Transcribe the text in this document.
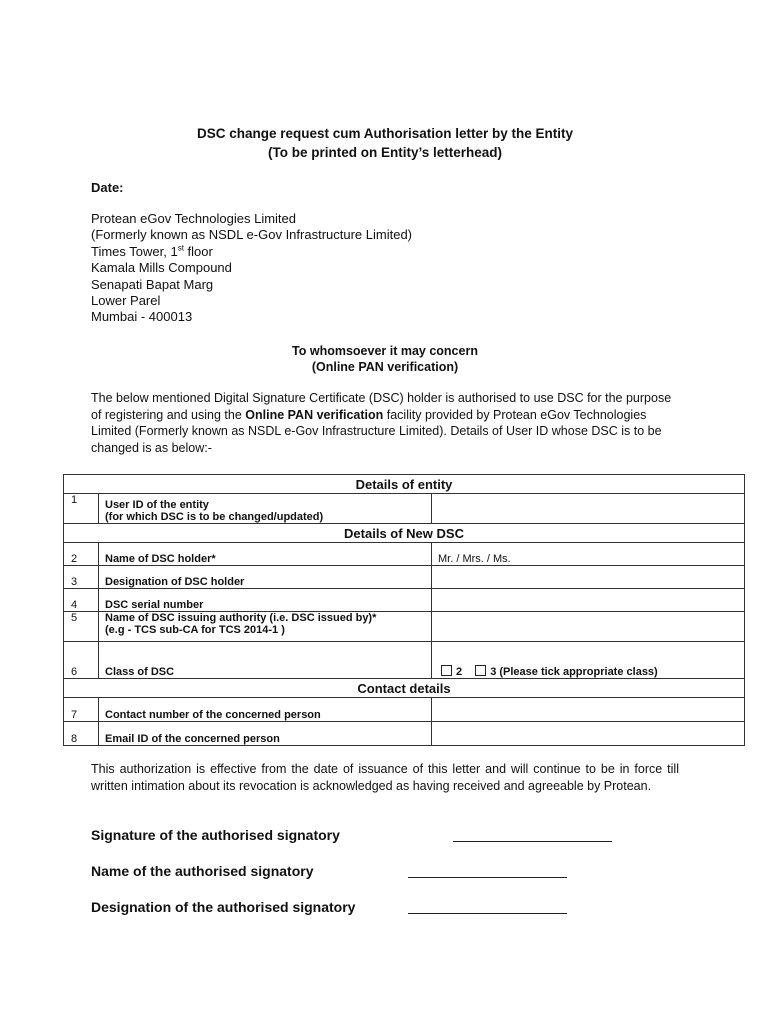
DSC change request cum Authorisation letter by the Entity
(To be printed on Entity’s letterhead)
Date:
Protean eGov Technologies Limited
(Formerly known as NSDL e-Gov Infrastructure Limited)
Times Tower, 1st floor
Kamala Mills Compound
Senapati Bapat Marg
Lower Parel
Mumbai - 400013
To whomsoever it may concern
(Online PAN verification)
The below mentioned Digital Signature Certificate (DSC) holder is authorised to use DSC for the purpose of registering and using the Online PAN verification facility provided by Protean eGov Technologies Limited (Formerly known as NSDL e-Gov Infrastructure Limited). Details of User ID whose DSC is to be changed is as below:-
Details of entity		
1	User ID of the entity
(for which DSC is to be changed/updated)	

Details of New DSC		
2	Name of DSC holder*	Mr. / Mrs. / Ms.
3	Designation of DSC holder	
4	DSC serial number	
5	Name of DSC issuing authority (i.e. DSC issued by)*
(e.g - TCS sub-CA for TCS 2014-1 )	

6	Class of DSC	2 3 (Please tick appropriate class)
Contact details		
7	Contact number of the concerned person	
8	Email ID of the concerned person	
This authorization is effective from the date of issuance of this letter and will continue to be in force till written intimation about its revocation is acknowledged as having received and agreeable by Protean.
Signature of the authorised signatory
Name of the authorised signatory
Designation of the authorised signatory
